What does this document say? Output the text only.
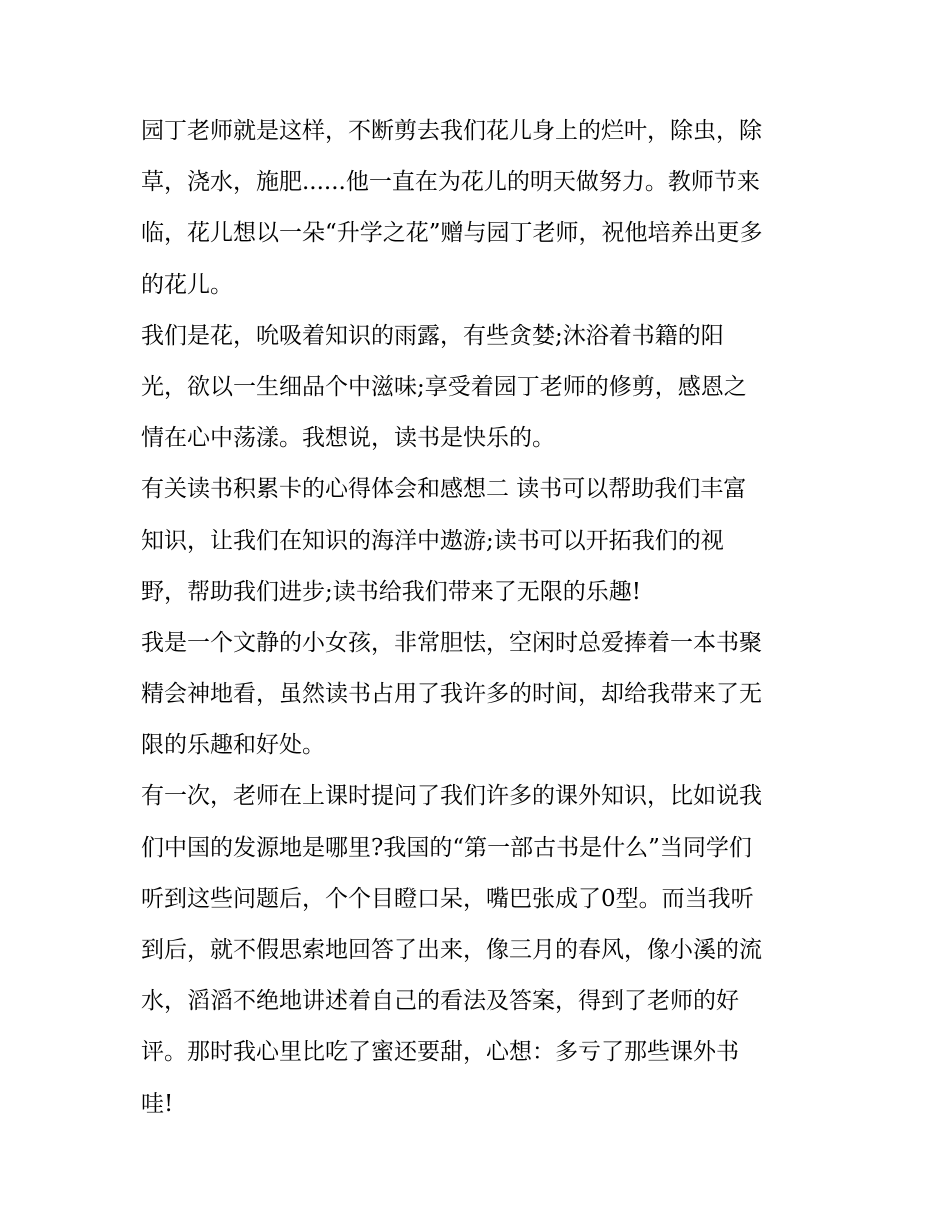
园丁老师就是这样，不断剪去我们花儿身上的烂叶，除虫，除
草，浇水，施肥......他一直在为花儿的明天做努力。教师节来
临，花儿想以一朵“升学之花”赠与园丁老师，祝他培养出更多
的花儿。
我们是花，吮吸着知识的雨露，有些贪婪;沐浴着书籍的阳
光，欲以一生细品个中滋味;享受着园丁老师的修剪，感恩之
情在心中荡漾。我想说，读书是快乐的。
有关读书积累卡的心得体会和感想二 读书可以帮助我们丰富
知识，让我们在知识的海洋中遨游;读书可以开拓我们的视
野，帮助我们进步;读书给我们带来了无限的乐趣!
我是一个文静的小女孩，非常胆怯，空闲时总爱捧着一本书聚
精会神地看，虽然读书占用了我许多的时间，却给我带来了无
限的乐趣和好处。
有一次，老师在上课时提问了我们许多的课外知识，比如说我
们中国的发源地是哪里?我国的“第一部古书是什么”当同学们
听到这些问题后，个个目瞪口呆，嘴巴张成了0型。而当我听
到后，就不假思索地回答了出来，像三月的春风，像小溪的流
水，滔滔不绝地讲述着自己的看法及答案，得到了老师的好
评。那时我心里比吃了蜜还要甜，心想：多亏了那些课外书
哇!
